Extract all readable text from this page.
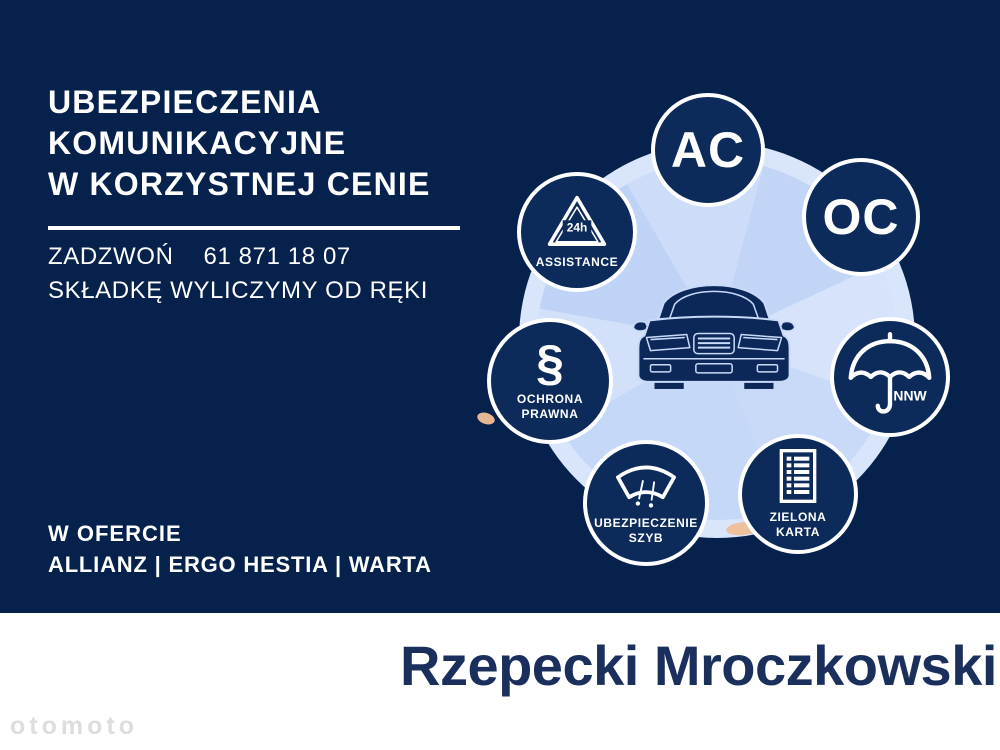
UBEZPIECZENIA
KOMUNIKACYJNE
W KORZYSTNEJ CENIE
ZADZWOŃ 61 871 18 07
SKŁADKĘ WYLICZYMY OD RĘKI
W OFERCIE
ALLIANZ | ERGO HESTIA | WARTA
AC
OC
24h
ASSISTANCE
NNW
§
OCHRONA
PRAWNA
UBEZPIECZENIE
SZYB
ZIELONA
KARTA
Rzepecki Mroczkowski
otomoto
